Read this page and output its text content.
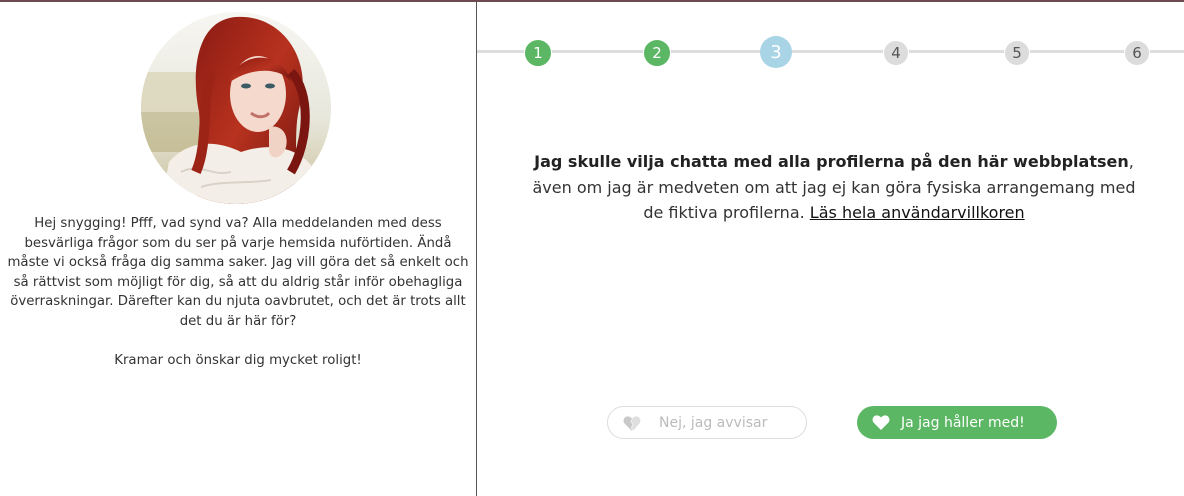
Hej snygging! Pfff, vad synd va? Alla meddelanden med dess besvärliga frågor som du ser på varje hemsida nuförtiden. Ändå måste vi också fråga dig samma saker. Jag vill göra det så enkelt och så rättvist som möjligt för dig, så att du aldrig står inför obehagliga överraskningar. Därefter kan du njuta oavbrutet, och det är trots allt det du är här för?

Kramar och önskar dig mycket roligt!

1	2	3	4	5	6
Jag skulle vilja chatta med alla profilerna på den här webbplatsen, även om jag är medveten om att jag ej kan göra fysiska arrangemang med de fiktiva profilerna. Läs hela användarvillkoren
Nej, jag avvisar	Ja jag håller med!
